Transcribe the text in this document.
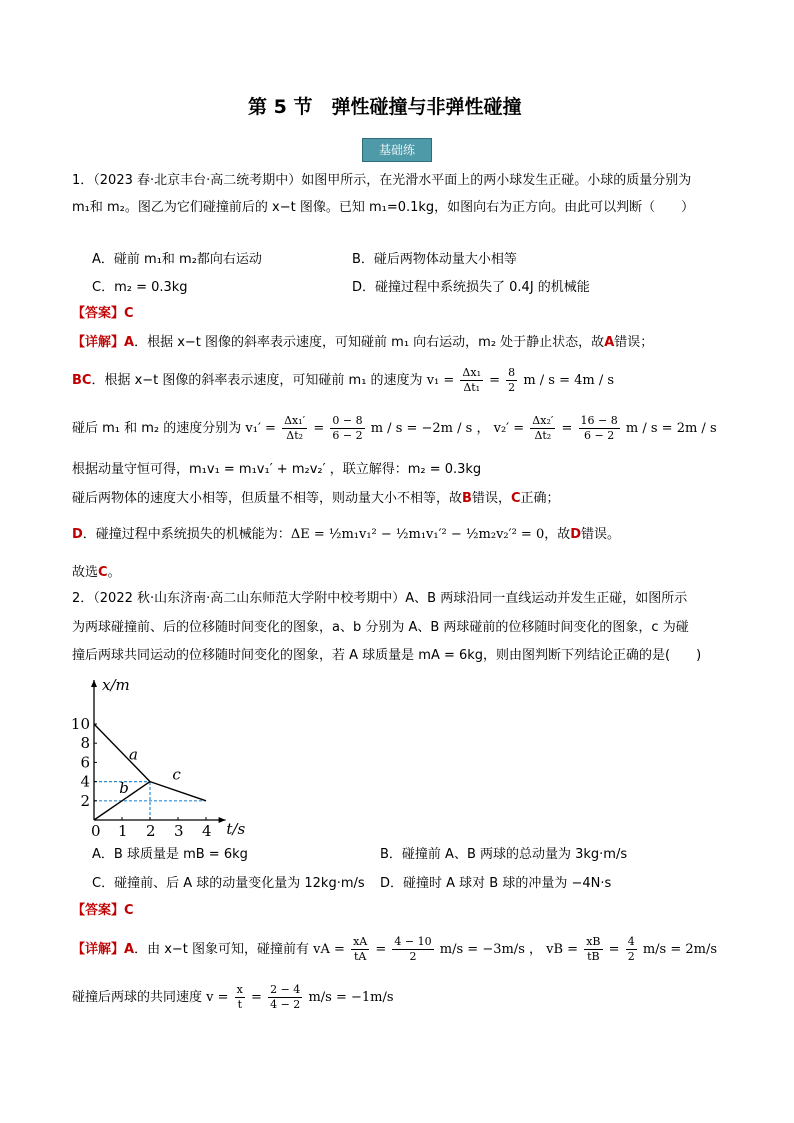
第 5 节　弹性碰撞与非弹性碰撞
基础练
1．（2023 春·北京丰台·高二统考期中）如图甲所示，在光滑水平面上的两小球发生正碰。小球的质量分别为
m₁和 m₂。图乙为它们碰撞前后的 x−t 图像。已知 m₁=0.1kg，如图向右为正方向。由此可以判断（　　）
A．碰前 m₁和 m₂都向右运动	B．碰后两物体动量大小相等
C．m₂ = 0.3kg	D．碰撞过程中系统损失了 0.4J 的机械能
【答案】C
【详解】A．根据 x−t 图像的斜率表示速度，可知碰前 m₁ 向右运动，m₂ 处于静止状态，故A错误；
BC．根据 x−t 图像的斜率表示速度，可知碰前 m₁ 的速度为 $v_1 = \frac{\text{Δx₁}}{\text{Δt₁}} = \frac{8}{2}$ m / s = 4m / s
碰后 m₁ 和 m₂ 的速度分别为 $v_1' = \frac{\text{Δx₁′}}{\text{Δt₂}} = \frac{0 - 8}{6 - 2}$ m / s = −2m / s ， $v_2' = \frac{\text{Δx₂′}}{\text{Δt₂}} = \frac{16 - 8}{6 - 2}$ m / s = 2m / s
根据动量守恒可得，m₁v₁ = m₁v₁′ + m₂v₂′ ，联立解得：m₂ = 0.3kg
碰后两物体的速度大小相等，但质量不相等，则动量大小不相等，故B错误，C正确；
D．碰撞过程中系统损失的机械能为：ΔE = ½m₁v₁² − ½m₁v₁′² − ½m₂v₂′² = 0，故D错误。
故选C。
2．（2022 秋·山东济南·高二山东师范大学附中校考期中）A、B 两球沿同一直线运动并发生正碰，如图所示
为两球碰撞前、后的位移随时间变化的图象，a、b 分别为 A、B 两球碰前的位移随时间变化的图象，c 为碰
撞后两球共同运动的位移随时间变化的图象，若 A 球质量是 mA = 6kg，则由图判断下列结论正确的是(　　)
0 1 2 3 4
2
4
6
8
10
x/m
t/s
a
b
c
A．B 球质量是 mB = 6kg	B．碰撞前 A、B 两球的总动量为 3kg·m/s
C．碰撞前、后 A 球的动量变化量为 12kg·m/s D．碰撞时 A 球对 B 球的冲量为 −4N·s
【答案】C
【详解】A．由 x−t 图象可知，碰撞前有 vA = $\frac{xA}{tA} = \frac{4 - 10}{2} m/s = -3m/s$ ， vB = $\frac{xB}{tB} = \frac{4}{2} m/s = 2m/s$
碰撞后两球的共同速度 $v = \frac{x}{t} = \frac{2 - 4}{4 - 2} m/s = -1m/s$
